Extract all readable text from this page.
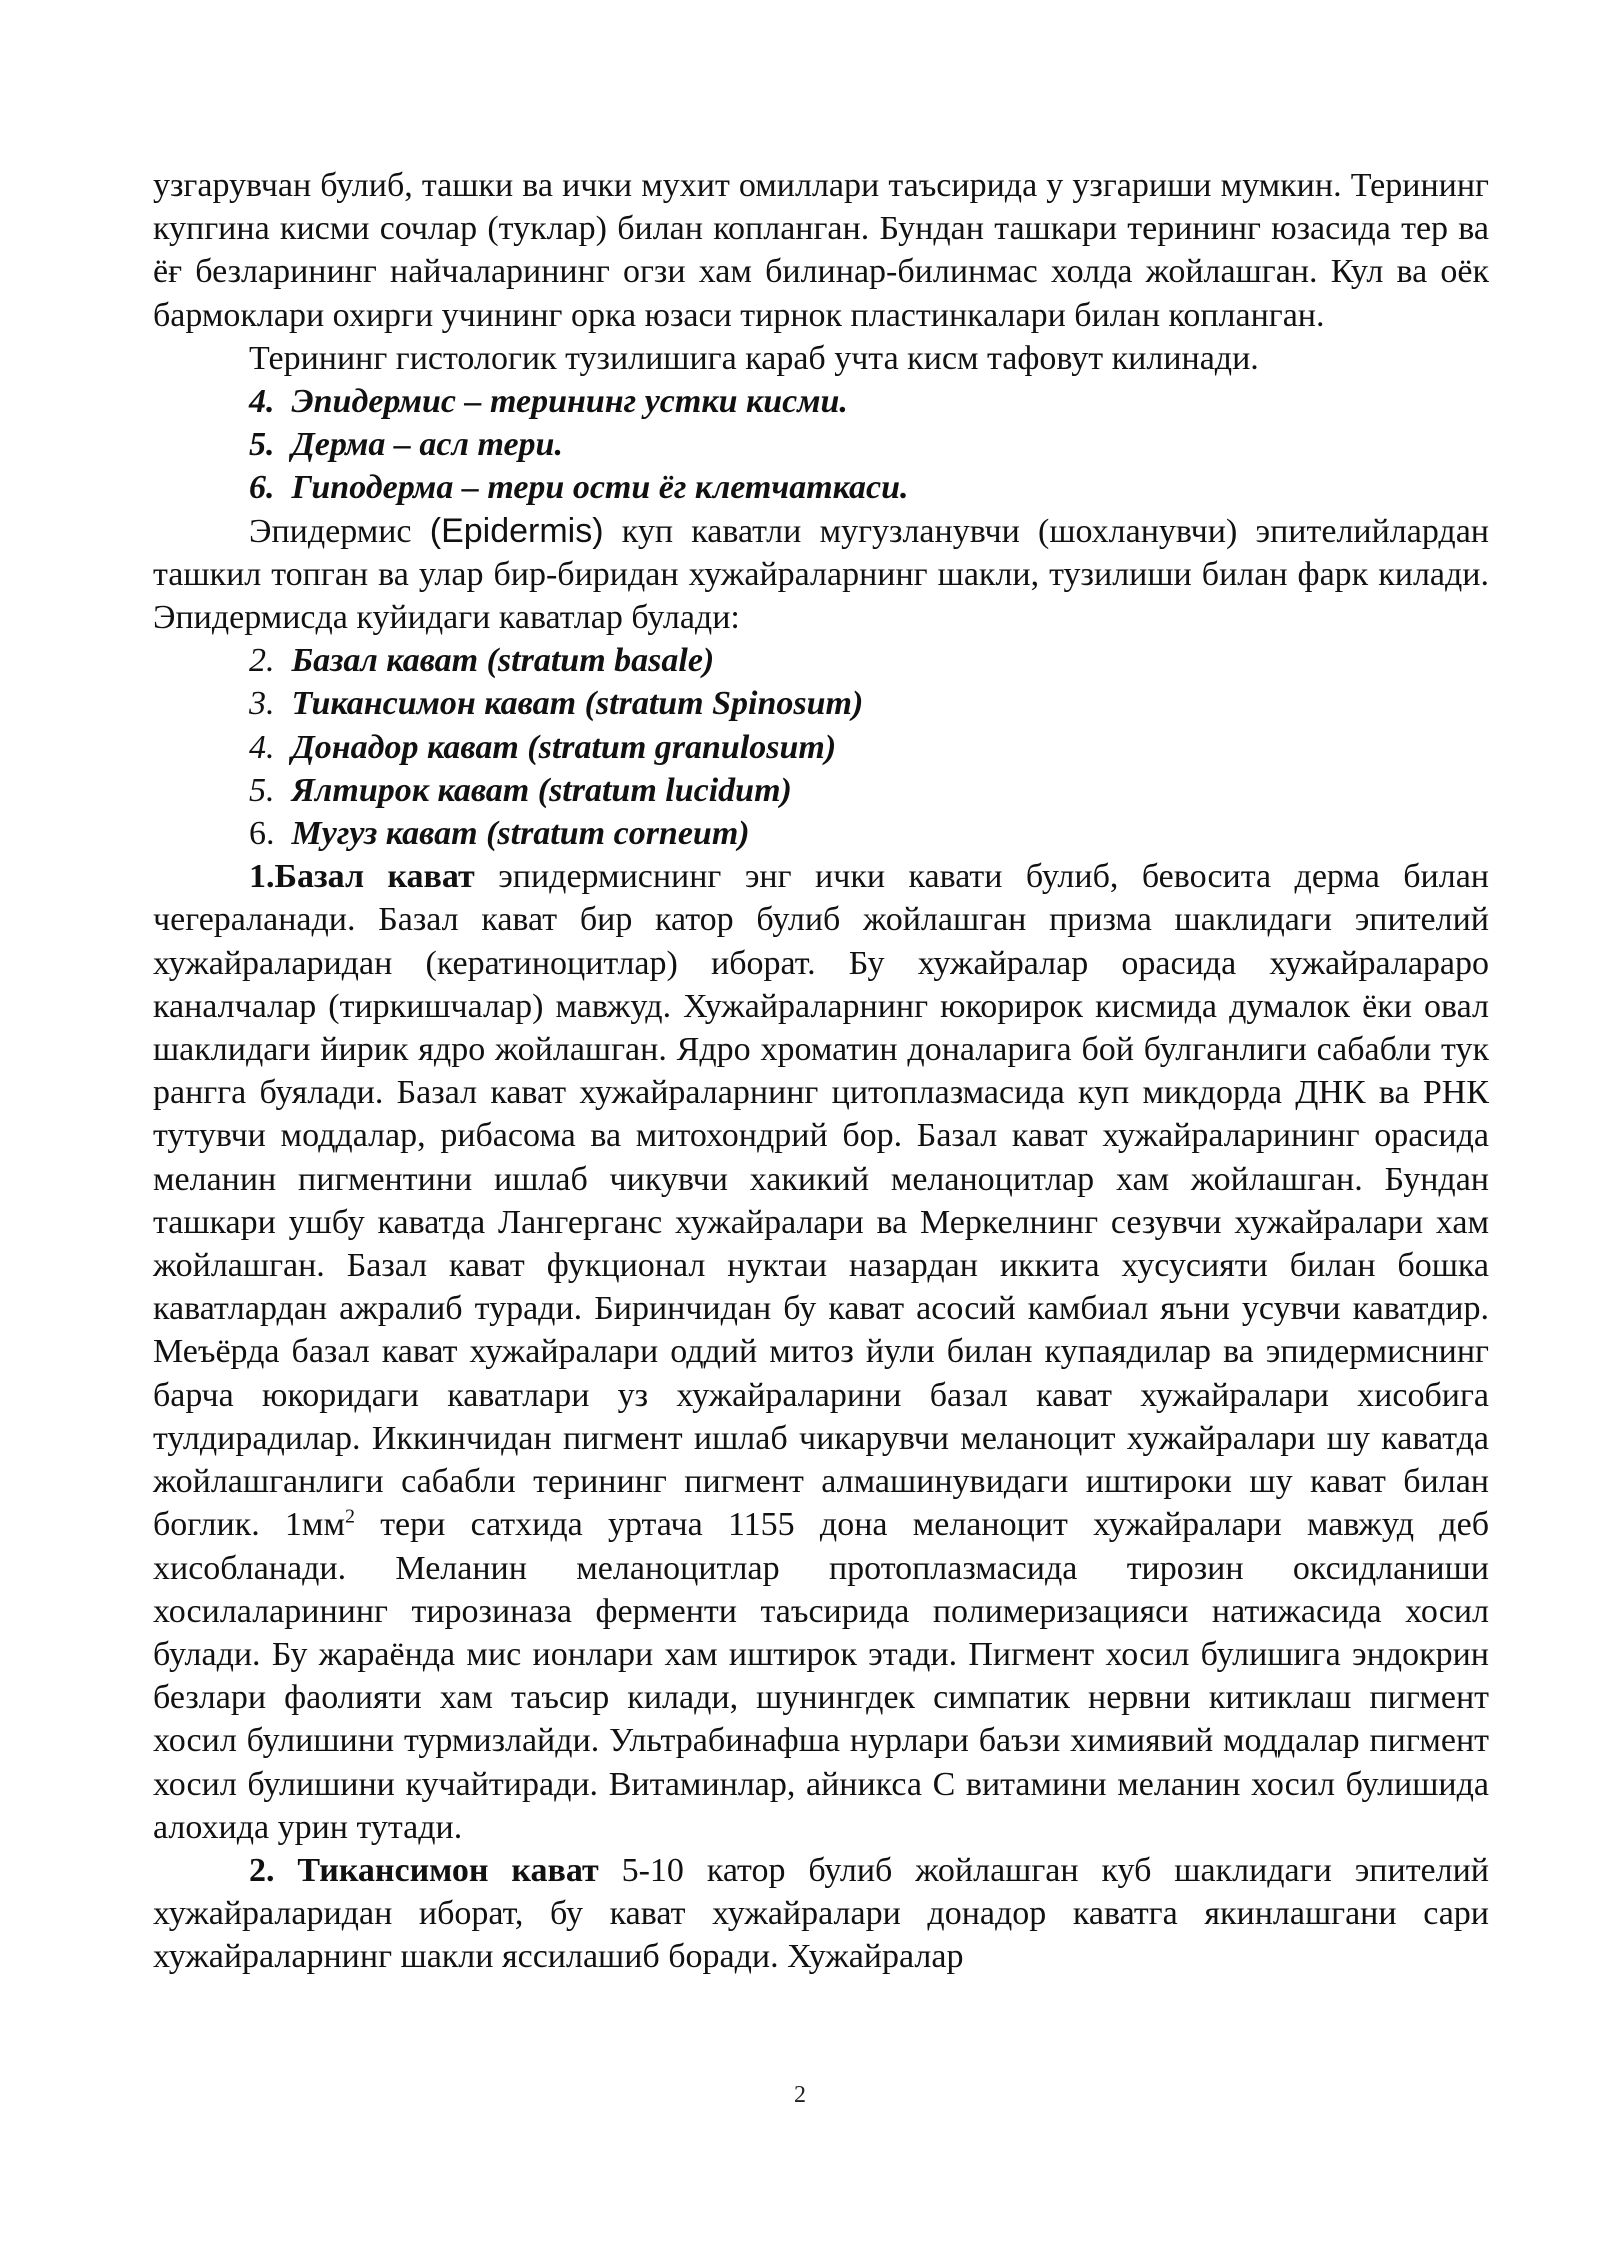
узгарувчан булиб, ташки ва ички мухит омиллари таъсирида у узгариши мумкин. Терининг купгина кисми сочлар (туклар) билан копланган. Бундан ташкари терининг юзасида тер ва ёғ безларининг найчаларининг огзи хам билинар-билинмас холда жойлашган. Кул ва оёк бармоклари охирги учининг орка юзаси тирнок пластинкалари билан копланган.

Терининг гистологик тузилишига караб учта кисм тафовут килинади.

4. Эпидермис – терининг устки кисми.
5. Дерма – асл тери.
6. Гиподерма – тери ости ёг клетчаткаси.

Эпидермис (Epidermis) куп каватли мугузланувчи (шохланувчи) эпителийлардан ташкил топган ва улар бир-биридан хужайраларнинг шакли, тузилиши билан фарк килади. Эпидермисда куйидаги каватлар булади:

2. Базал кават (stratum basale)
3. Тикансимон кават (stratum Spinosum)
4. Донадор кават (stratum granulosum)
5. Ялтирок кават (stratum lucidum)
6. Мугуз кават (stratum corneum)

1.Базал кават эпидермиснинг энг ички кавати булиб, бевосита дерма билан чегераланади. Базал кават бир катор булиб жойлашган призма шаклидаги эпителий хужайраларидан (кератиноцитлар) иборат. Бу хужайралар орасида хужайралараро каналчалар (тиркишчалар) мавжуд. Хужайраларнинг юкорирок кисмида думалок ёки овал шаклидаги йирик ядро жойлашган. Ядро хроматин доналарига бой булганлиги сабабли тук рангга буялади. Базал кават хужайраларнинг цитоплазмасида куп микдорда ДНК ва РНК тутувчи моддалар, рибасома ва митохондрий бор. Базал кават хужайраларининг орасида меланин пигментини ишлаб чикувчи хакикий меланоцитлар хам жойлашган. Бундан ташкари ушбу каватда Лангерганс хужайралари ва Меркелнинг сезувчи хужайралари хам жойлашган. Базал кават фукционал нуктаи назардан иккита хусусияти билан бошка каватлардан ажралиб туради. Биринчидан бу кават асосий камбиал яъни усувчи каватдир. Меъёрда базал кават хужайралари оддий митоз йули билан купаядилар ва эпидермиснинг барча юкоридаги каватлари уз хужайраларини базал кават хужайралари хисобига тулдирадилар. Иккинчидан пигмент ишлаб чикарувчи меланоцит хужайралари шу каватда жойлашганлиги сабабли терининг пигмент алмашинувидаги иштироки шу кават билан боглик. $1мм^2$ тери сатхида уртача 1155 дона меланоцит хужайралари мавжуд деб хисобланади. Меланин меланоцитлар протоплазмасида тирозин оксидланиши хосилаларининг тирозиназа ферменти таъсирида полимеризацияси натижасида хосил булади. Бу жараёнда мис ионлари хам иштирок этади. Пигмент хосил булишига эндокрин безлари фаолияти хам таъсир килади, шунингдек симпатик нервни китиклаш пигмент хосил булишини турмизлайди. Ультрабинафша нурлари баъзи химиявий моддалар пигмент хосил булишини кучайтиради. Витаминлар, айникса С витамини меланин хосил булишида алохида урин тутади.

2. Тикансимон кават 5-10 катор булиб жойлашган куб шаклидаги эпителий хужайраларидан иборат, бу кават хужайралари донадор каватга якинлашгани сари хужайраларнинг шакли яссилашиб боради. Хужайралар

2
